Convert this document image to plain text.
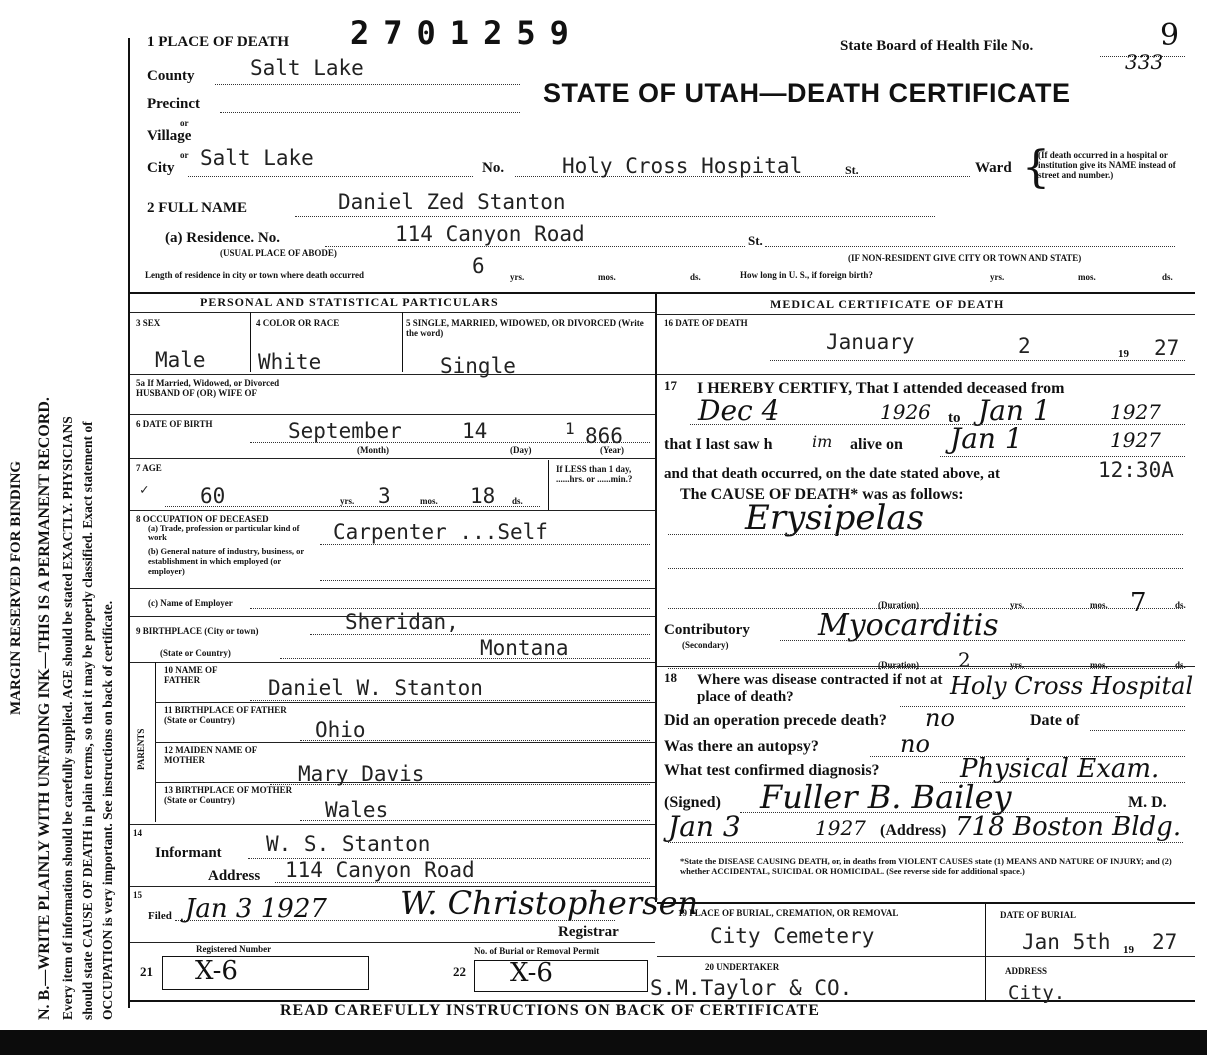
MARGIN RESERVED FOR BINDING N. B.—WRITE PLAINLY WITH UNFADING INK—THIS IS A PERMANENT RECORD. Every item of information should be carefully supplied. AGE should be stated EXACTLY. PHYSICIANS should state CAUSE OF DEATH in plain terms, so that it may be properly classified. Exact statement of OCCUPATION is very important. See instructions on back of certificate.
1 PLACE OF DEATH 2701259	State Board of Health File No.	9
333
STATE OF UTAH—DEATH CERTIFICATE
County	Salt Lake
Precinct
or
Village
or
City Salt Lake	No.	Holy Cross Hospital	St.	Ward {
(If death occurred in a hospital or institution give its NAME instead of street and number.)
2 FULL NAME	Daniel Zed Stanton
(a) Residence. No.
(USUAL PLACE OF ABODE)
114 Canyon Road	St.
(IF NON-RESIDENT GIVE CITY OR TOWN AND STATE)
Length of residence in city or town where death occurred	6	yrs.	mos.	ds.	How long in U. S., if foreign birth?	yrs.	mos.	ds.
PERSONAL AND STATISTICAL PARTICULARS
3 SEX
Male
4 COLOR OR RACE
White
5 SINGLE, MARRIED, WIDOWED, OR DIVORCED (Write the word)
Single
5a If Married, Widowed, or Divorced HUSBAND OF (OR) WIFE OF
6 DATE OF BIRTH	September	14	1 866
(Month)	(Day)	(Year)
7 AGE
✓ 60	yrs. 3	mos. 18 ds.
If LESS than 1 day, ......hrs. or ......min.?
8 OCCUPATION OF DECEASED
(a) Trade, profession or particular kind of work	Carpenter ...Self
(b) General nature of industry, business, or establishment in which employed (or employer)
(c) Name of Employer
9 BIRTHPLACE (City or town)	Sheridan,
(State or Country)	Montana
PARENTS
10 NAME OF FATHER	Daniel W. Stanton
11 BIRTHPLACE OF FATHER (State or Country)	Ohio
12 MAIDEN NAME OF MOTHER
Mary Davis
13 BIRTHPLACE OF MOTHER (State or Country)	Wales
14
Informant W. S. Stanton
Address 114 Canyon Road
15
Filed Jan 3 1927 W. Christophersen
Registrar
Registered Number	No. of Burial or Removal Permit
21 X-6	22 X-6
MEDICAL CERTIFICATE OF DEATH
16 DATE OF DEATH
January	2	19 27
17 I HEREBY CERTIFY, That I attended deceased from
Dec 4	1926 to Jan 1	1927
that I last saw h im alive on Jan 1	1927
and that death occurred, on the date stated above, at	12:30A
The CAUSE OF DEATH* was as follows:
Erysipelas
(Duration)	yrs.	mos. 7	ds.
Contributory
(Secondary)
Myocarditis
(Duration) 2	yrs.	mos.	ds.
18 Where was disease contracted if not at place of death?	Holy Cross Hospital
Did an operation precede death? no	Date of
Was there an autopsy?	no
What test confirmed diagnosis?	Physical Exam.
(Signed) Fuller B. Bailey	M. D.
Jan 3	1927 (Address) 718 Boston Bldg.
*State the DISEASE CAUSING DEATH, or, in deaths from VIOLENT CAUSES state (1) MEANS AND NATURE OF INJURY; and (2) whether ACCIDENTAL, SUICIDAL OR HOMICIDAL. (See reverse side for additional space.)
19 PLACE OF BURIAL, CREMATION, OR REMOVAL
City Cemetery
DATE OF BURIAL
Jan 5th 19 27
20 UNDERTAKER
S.M.Taylor & CO.
ADDRESS
City.
READ CAREFULLY INSTRUCTIONS ON BACK OF CERTIFICATE
